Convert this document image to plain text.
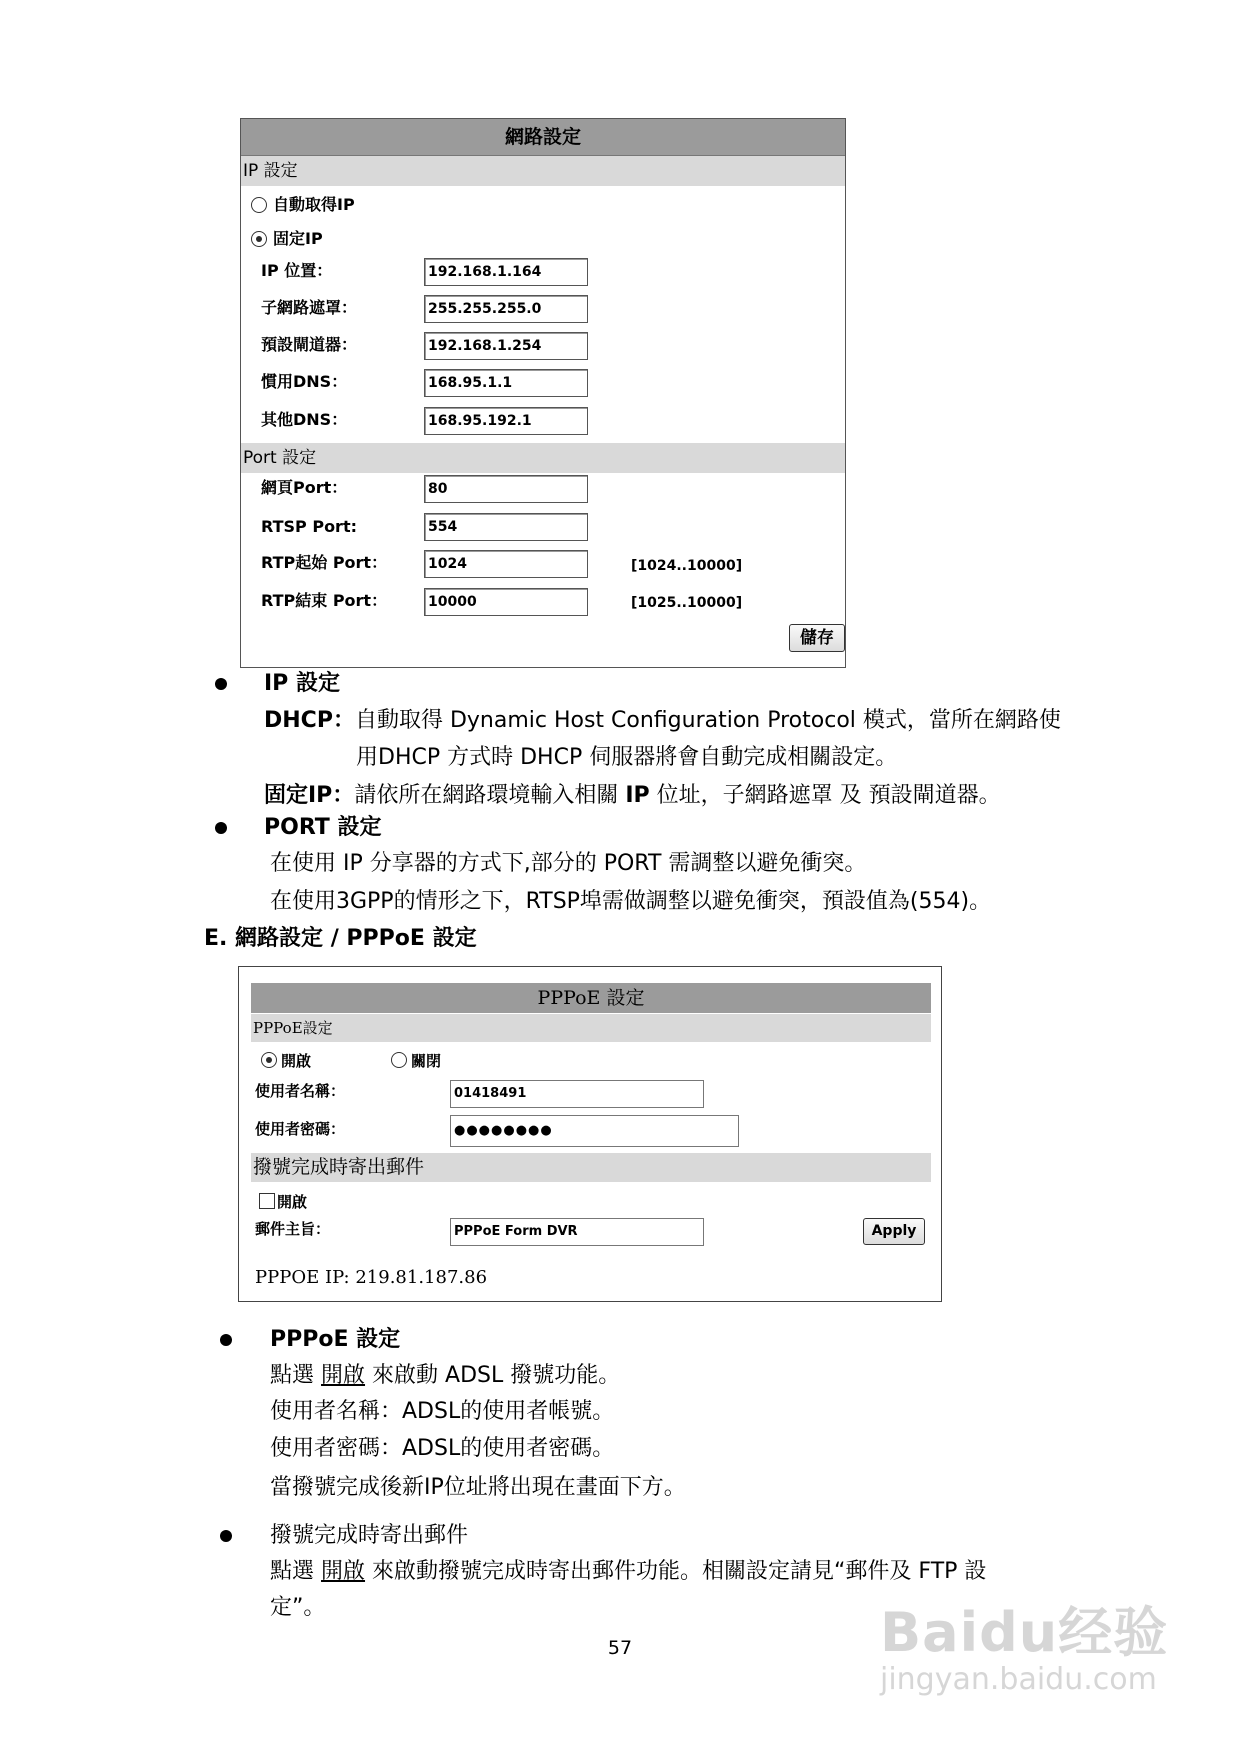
網路設定
IP 設定
自動取得IP
固定IP
IP 位置：	192.168.1.164
子網路遮罩：	255.255.255.0
預設閘道器：	192.168.1.254
慣用DNS：	168.95.1.1
其他DNS：	168.95.192.1
Port 設定
網頁Port：	80
RTSP Port:	554
RTP起始 Port：	1024	[1024..10000]
RTP結束 Port：	10000	[1025..10000]
儲存
IP 設定
DHCP：自動取得 Dynamic Host Configuration Protocol 模式，當所在網路使
用DHCP 方式時 DHCP 伺服器將會自動完成相關設定。
固定IP：請依所在網路環境輸入相關 IP 位址，子網路遮罩 及 預設閘道器。
PORT 設定
在使用 IP 分享器的方式下,部分的 PORT 需調整以避免衝突。
在使用3GPP的情形之下，RTSP埠需做調整以避免衝突，預設值為(554)。
E. 網路設定 / PPPoE 設定
PPPoE 設定
PPPoE設定
開啟	關閉
使用者名稱：	01418491
使用者密碼：	●●●●●●●●
撥號完成時寄出郵件
開啟
郵件主旨：	PPPoE Form DVR	Apply
PPPOE IP: 219.81.187.86
PPPoE 設定
點選 開啟 來啟動 ADSL 撥號功能。
使用者名稱：ADSL的使用者帳號。
使用者密碼：ADSL的使用者密碼。
當撥號完成後新IP位址將出現在畫面下方。
撥號完成時寄出郵件
點選 開啟 來啟動撥號完成時寄出郵件功能。相關設定請見“郵件及 FTP 設
定”。
57	Baidu经验
jingyan.baidu.com
